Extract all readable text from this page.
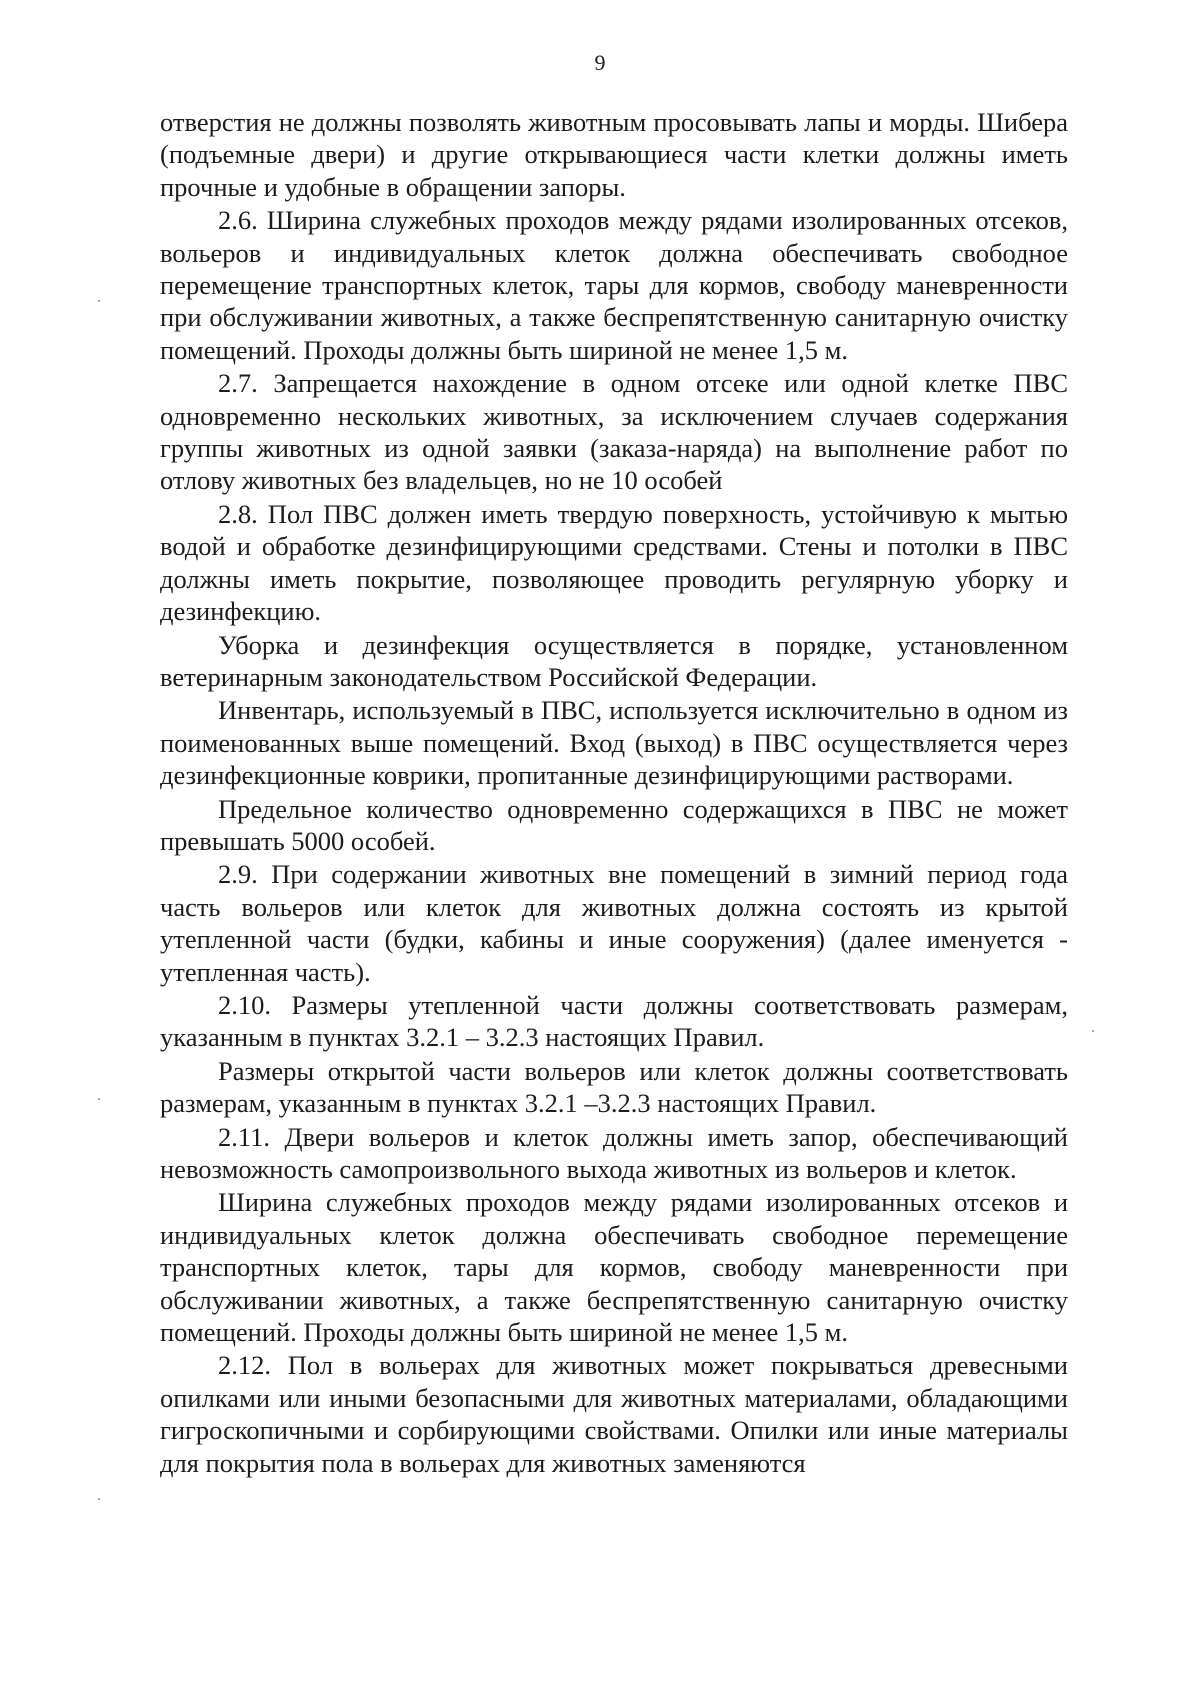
9

отверстия не должны позволять животным просовывать лапы и морды. Шибера (подъемные двери) и другие открывающиеся части клетки должны иметь прочные и удобные в обращении запоры.

2.6. Ширина служебных проходов между рядами изолированных отсеков, вольеров и индивидуальных клеток должна обеспечивать свободное перемещение транспортных клеток, тары для кормов, свободу маневренности при обслуживании животных, а также беспрепятственную санитарную очистку помещений. Проходы должны быть шириной не менее 1,5 м.

2.7. Запрещается нахождение в одном отсеке или одной клетке ПВС одновременно нескольких животных, за исключением случаев содержания группы животных из одной заявки (заказа-наряда) на выполнение работ по отлову животных без владельцев, но не 10 особей

2.8. Пол ПВС должен иметь твердую поверхность, устойчивую к мытью водой и обработке дезинфицирующими средствами. Стены и потолки в ПВС должны иметь покрытие, позволяющее проводить регулярную уборку и дезинфекцию.

Уборка и дезинфекция осуществляется в порядке, установленном ветеринарным законодательством Российской Федерации.

Инвентарь, используемый в ПВС, используется исключительно в одном из поименованных выше помещений. Вход (выход) в ПВС осуществляется через дезинфекционные коврики, пропитанные дезинфицирующими растворами.

Предельное количество одновременно содержащихся в ПВС не может превышать 5000 особей.

2.9. При содержании животных вне помещений в зимний период года часть вольеров или клеток для животных должна состоять из крытой утепленной части (будки, кабины и иные сооружения) (далее именуется - утепленная часть).

2.10. Размеры утепленной части должны соответствовать размерам, указанным в пунктах 3.2.1 – 3.2.3 настоящих Правил.

Размеры открытой части вольеров или клеток должны соответствовать размерам, указанным в пунктах 3.2.1 –3.2.3 настоящих Правил.

2.11. Двери вольеров и клеток должны иметь запор, обеспечивающий невозможность самопроизвольного выхода животных из вольеров и клеток.

Ширина служебных проходов между рядами изолированных отсеков и индивидуальных клеток должна обеспечивать свободное перемещение транспортных клеток, тары для кормов, свободу маневренности при обслуживании животных, а также беспрепятственную санитарную очистку помещений. Проходы должны быть шириной не менее 1,5 м.

2.12. Пол в вольерах для животных может покрываться древесными опилками или иными безопасными для животных материалами, обладающими гигроскопичными и сорбирующими свойствами. Опилки или иные материалы для покрытия пола в вольерах для животных заменяются
